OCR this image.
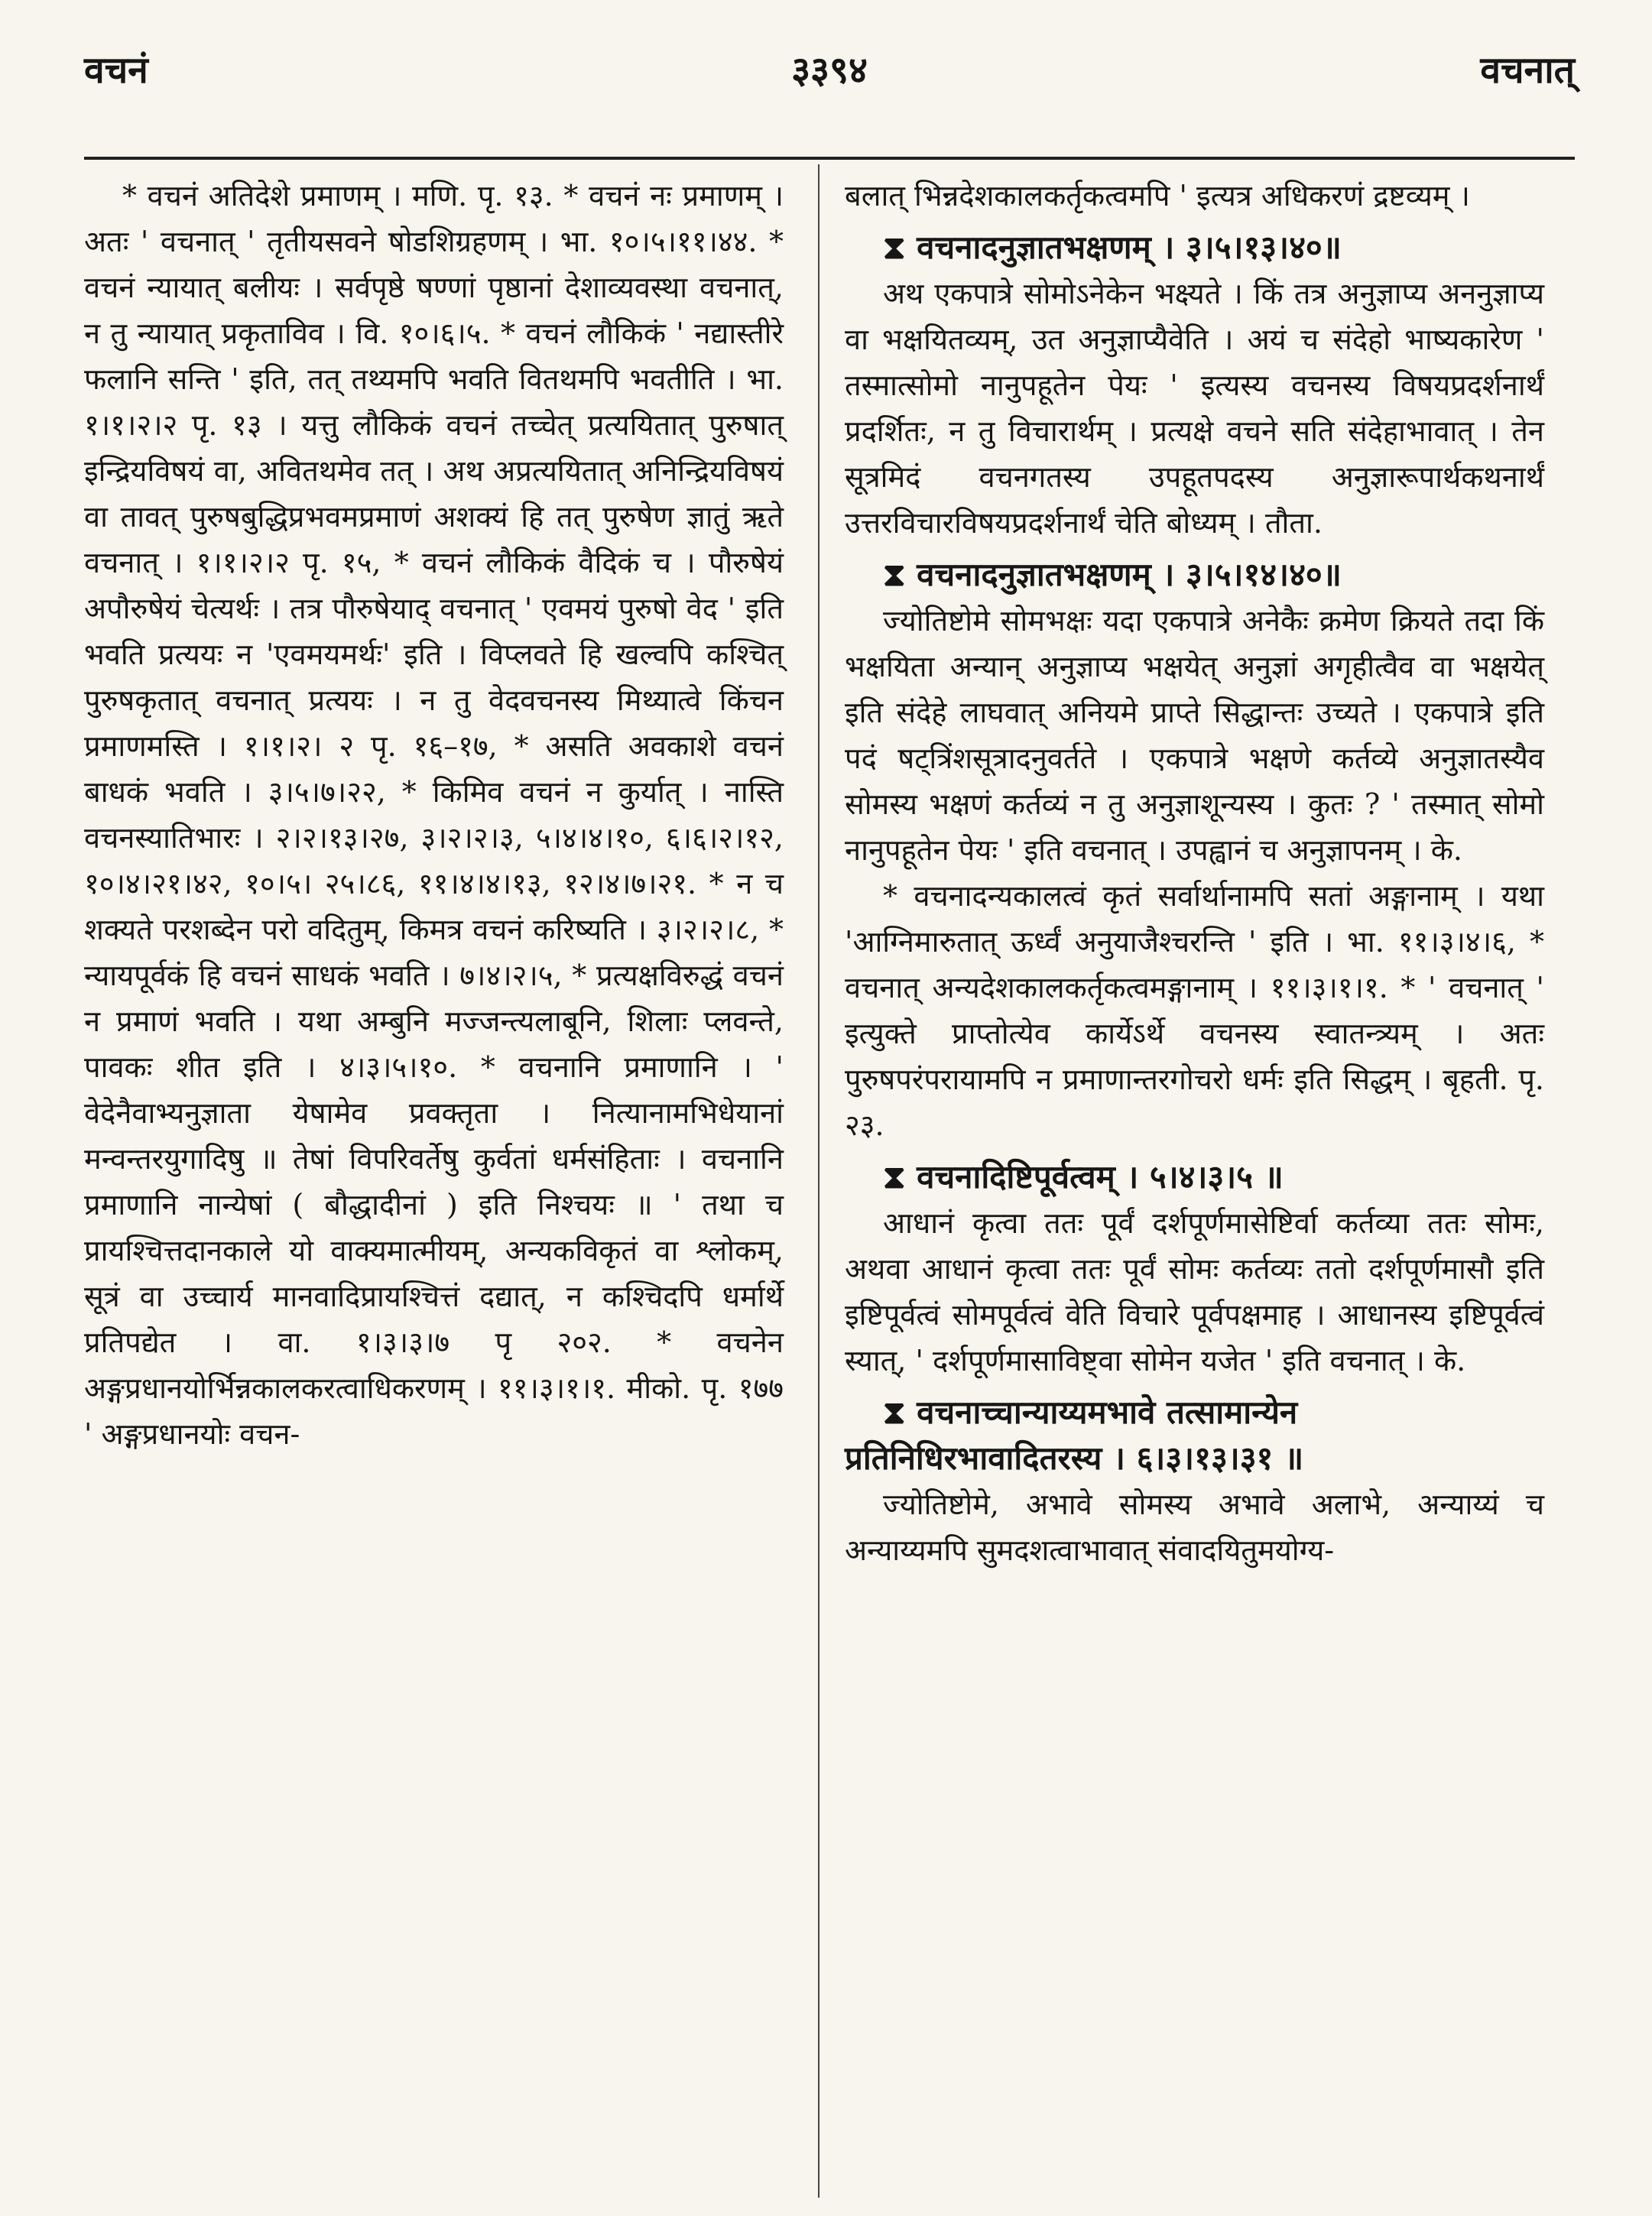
वचनं	३३९४	वचनात्

* वचनं अतिदेशे प्रमाणम् । मणि. पृ. १३. * वचनं नः प्रमाणम् । अतः ' वचनात् ' तृतीयसवने षोडशिग्रहणम् । भा. १०।५।११।४४. * वचनं न्यायात् बलीयः । सर्वपृष्ठे षण्णां पृष्ठानां देशाव्यवस्था वचनात्, न तु न्यायात् प्रकृताविव । वि. १०।६।५. * वचनं लौकिकं ' नद्यास्तीरे फलानि सन्ति ' इति, तत् तथ्यमपि भवति वितथमपि भवतीति । भा. १।१।२।२ पृ. १३ । यत्तु लौकिकं वचनं तच्चेत् प्रत्ययितात् पुरुषात् इन्द्रियविषयं वा, अवितथमेव तत् । अथ अप्रत्ययितात् अनिन्द्रियविषयं वा तावत् पुरुषबुद्धिप्रभवमप्रमाणं अशक्यं हि तत् पुरुषेण ज्ञातुं ऋते वचनात् । १।१।२।२ पृ. १५, * वचनं लौकिकं वैदिकं च । पौरुषेयं अपौरुषेयं चेत्यर्थः । तत्र पौरुषेयाद् वचनात् ' एवमयं पुरुषो वेद ' इति भवति प्रत्ययः न 'एवमयमर्थः' इति । विप्लवते हि खल्वपि कश्चित् पुरुषकृतात् वचनात् प्रत्ययः । न तु वेदवचनस्य मिथ्यात्वे किंचन प्रमाणमस्ति । १।१।२। २ पृ. १६–१७, * असति अवकाशे वचनं बाधकं भवति । ३।५।७।२२, * किमिव वचनं न कुर्यात् । नास्ति वचनस्यातिभारः । २।२।१३।२७, ३।२।२।३, ५।४।४।१०, ६।६।२।१२, १०।४।२१।४२, १०।५। २५।८६, ११।४।४।१३, १२।४।७।२१. * न च शक्यते परशब्देन परो वदितुम्, किमत्र वचनं करिष्यति । ३।२।२।८, * न्यायपूर्वकं हि वचनं साधकं भवति । ७।४।२।५, * प्रत्यक्षविरुद्धं वचनं न प्रमाणं भवति । यथा अम्बुनि मज्जन्त्यलाबूनि, शिलाः प्लवन्ते, पावकः शीत इति । ४।३।५।१०. * वचनानि प्रमाणानि । ' वेदेनैवाभ्यनुज्ञाता येषामेव प्रवक्तृता । नित्यानामभिधेयानां मन्वन्तरयुगादिषु ॥ तेषां विपरिवर्तेषु कुर्वतां धर्मसंहिताः । वचनानि प्रमाणानि नान्येषां ( बौद्धादीनां ) इति निश्चयः ॥ ' तथा च प्रायश्चित्तदानकाले यो वाक्यमात्मीयम्, अन्यकविकृतं वा श्लोकम्, सूत्रं वा उच्चार्य मानवादिप्रायश्चित्तं दद्यात्, न कश्चिदपि धर्मार्थे प्रतिपद्येत । वा. १।३।३।७ पृ २०२. * वचनेन अङ्गप्रधानयोर्भिन्नकालकरत्वाधिकरणम् । ११।३।१।१. मीको. पृ. १७७ ' अङ्गप्रधानयोः वचन-

बलात् भिन्नदेशकालकर्तृकत्वमपि ' इत्यत्र अधिकरणं द्रष्टव्यम् ।

⧗ वचनादनुज्ञातभक्षणम् । ३।५।१३।४०॥

अथ एकपात्रे सोमोऽनेकेन भक्ष्यते । किं तत्र अनुज्ञाप्य अननुज्ञाप्य वा भक्षयितव्यम्, उत अनुज्ञाप्यैवेति । अयं च संदेहो भाष्यकारेण ' तस्मात्सोमो नानुपहूतेन पेयः ' इत्यस्य वचनस्य विषयप्रदर्शनार्थं प्रदर्शितः, न तु विचारार्थम् । प्रत्यक्षे वचने सति संदेहाभावात् । तेन सूत्रमिदं वचनगतस्य उपहूतपदस्य अनुज्ञारूपार्थकथनार्थं उत्तरविचारविषयप्रदर्शनार्थं चेति बोध्यम् । तौता.

⧗ वचनादनुज्ञातभक्षणम् । ३।५।१४।४०॥

ज्योतिष्टोमे सोमभक्षः यदा एकपात्रे अनेकैः क्रमेण क्रियते तदा किं भक्षयिता अन्यान् अनुज्ञाप्य भक्षयेत् अनुज्ञां अगृहीत्वैव वा भक्षयेत् इति संदेहे लाघवात् अनियमे प्राप्ते सिद्धान्तः उच्यते । एकपात्रे इति पदं षट्त्रिंशसूत्रादनुवर्तते । एकपात्रे भक्षणे कर्तव्ये अनुज्ञातस्यैव सोमस्य भक्षणं कर्तव्यं न तु अनुज्ञाशून्यस्य । कुतः ? ' तस्मात् सोमो नानुपहूतेन पेयः ' इति वचनात् । उपह्वानं च अनुज्ञापनम् । के.

* वचनादन्यकालत्वं कृतं सर्वार्थानामपि सतां अङ्गानाम् । यथा 'आग्निमारुतात् ऊर्ध्वं अनुयाजैश्चरन्ति ' इति । भा. ११।३।४।६, * वचनात् अन्यदेशकालकर्तृकत्वमङ्गानाम् । ११।३।१।१. * ' वचनात् ' इत्युक्ते प्राप्तोत्येव कार्येऽर्थे वचनस्य स्वातन्त्र्यम् । अतः पुरुषपरंपरायामपि न प्रमाणान्तरगोचरो धर्मः इति सिद्धम् । बृहती. पृ. २३.

⧗ वचनादिष्टिपूर्वत्वम् । ५।४।३।५ ॥

आधानं कृत्वा ततः पूर्वं दर्शपूर्णमासेष्टिर्वा कर्तव्या ततः सोमः, अथवा आधानं कृत्वा ततः पूर्वं सोमः कर्तव्यः ततो दर्शपूर्णमासौ इति इष्टिपूर्वत्वं सोमपूर्वत्वं वेति विचारे पूर्वपक्षमाह । आधानस्य इष्टिपूर्वत्वं स्यात्, ' दर्शपूर्णमासाविष्ट्वा सोमेन यजेत ' इति वचनात् । के.

⧗ वचनाच्चान्याय्यमभावे तत्सामान्येन प्रतिनिधिरभावादितरस्य । ६।३।१३।३१ ॥

ज्योतिष्टोमे, अभावे सोमस्य अभावे अलाभे, अन्याय्यं च अन्याय्यमपि सुमदशत्वाभावात् संवादयितुमयोग्य-
